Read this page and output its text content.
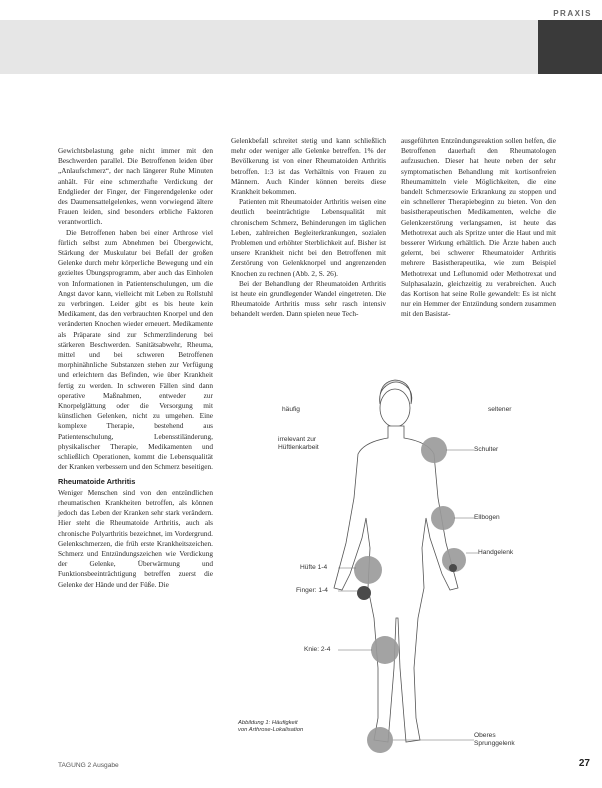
PRAXIS

Gewichtsbelastung gehe nicht immer mit den Beschwerden parallel. Die Betroffenen leiden über „Anlaufschmerz“, der nach längerer Ruhe Minuten anhält. Für eine schmerzhafte Verdickung der Endglieder der Finger, der Fingerendgelenke oder des Daumensattelgelenkes, wenn vorwiegend ältere Frauen leiden, sind besonders erbliche Faktoren verantwortlich.

Die Betroffenen haben bei einer Arthrose viel fürlich selbst zum Abnehmen bei Übergewicht, Stärkung der Muskulatur bei Befall der großen Gelenke durch mehr körperliche Bewegung und ein gezieltes Übungsprogramm, aber auch das Einholen von Informationen in Patientenschulungen, um die Angst davor kann, vielleicht mit Leben zu Rollstuhl zu verbringen. Leider gibt es bis heute kein Medikament, das den verbrauchten Knorpel und den veränderten Knochen wieder erneuert. Medikamente als Präparate sind zur Schmerzlinderung bei stärkeren Beschwerden. Sanitätsabwehr, Rheuma, mittel und bei schweren Betroffenen morphinähnliche Substanzen stehen zur Verfügung und erleichtern das Befinden, wie über Krankheit fertig zu werden. In schweren Fällen sind dann operative Maßnahmen, entweder zur Knorpelglättung oder die Versorgung mit künstlichen Gelenken, nicht zu umgehen. Eine komplexe Therapie, bestehend aus Patientenschulung, Lebensstiländerung, physikalischer Therapie, Medikamenten und schließlich Operationen, kommt die Lebensqualität der Kranken verbessern und den Schmerz beseitigen.

Rheumatoide Arthritis

Weniger Menschen sind von den entzündlichen rheumatischen Krankheiten betroffen, als können jedoch das Leben der Kranken sehr stark verändern. Hier steht die Rheumatoide Arthritis, auch als chronische Polyarthritis bezeichnet, im Vordergrund. Gelenkschmerzen, die früh erste Krankheitszeichen. Schmerz und Entzündungszeichen wie Verdickung der Gelenke, Überwärmung und Funktionsbeeinträchtigung betreffen zuerst die Gelenke der Hände und der Füße. Die

Gelenkbefall schreitet stetig und kann schließlich mehr oder weniger alle Gelenke betreffen. 1% der Bevölkerung ist von einer Rheumatoiden Arthritis betroffen. 1:3 ist das Verhältnis von Frauen zu Männern. Auch Kinder können bereits diese Krankheit bekommen.

Patienten mit Rheumatoider Arthritis weisen eine deutlich beeinträchtigte Lebensqualität mit chronischem Schmerz, Behinderungen im täglichen Leben, zahlreichen Begleiterkrankungen, sozialen Problemen und erhöhter Sterblichkeit auf. Bisher ist unsere Krankheit nicht bei den Betroffenen mit Zerstörung von Gelenkknorpel und angrenzenden Knochen zu rechnen (Abb. 2, S. 26).

Bei der Behandlung der Rheumatoiden Arthritis ist heute ein grundlegender Wandel eingetreten. Die Rheumatoide Arthritis muss sehr rasch intensiv behandelt werden. Dann spielen neue Tech-

ausgeführten Entzündungsreaktion sollen helfen, die Betroffenen dauerhaft den Rheumatologen aufzusuchen. Dieser hat heute neben der sehr symptomatischen Behandlung mit kortisonfreien Rheumamitteln viele Möglichkeiten, die eine bandelt Schmerzsowie Erkrankung zu stoppen und ein schnellerer Therapiebeginn zu bieten. Von den basistherapeutischen Medikamenten, welche die Gelenkzerstörung verlangsamen, ist heute das Methotrexat auch als Spritze unter die Haut und mit besserer Wirkung erhältlich. Die Ärzte haben auch gelernt, bei schwerer Rheumatoider Arthritis mehrere Basistherapeutika, wie zum Beispiel Methotrexat und Leflunomid oder Methotrexat und Sulphasalazin, gleichzeitig zu verabreichen. Auch das Kortison hat seine Rolle gewandelt: Es ist nicht nur ein Hemmer der Entzündung sondern zusammen mit den Basistat-

häufig	seltener
irrelevant zur
Hüftlenkarbeit	Schulter
Ellbogen
Handgelenk
Hüfte 1-4
Finger: 1-4
Knie: 2-4
Oberes
Sprunggelenk
Abbildung 1: Häufigkeit
von Arthrose-Lokalisation
TAGUNG 2 Ausgabe	27
